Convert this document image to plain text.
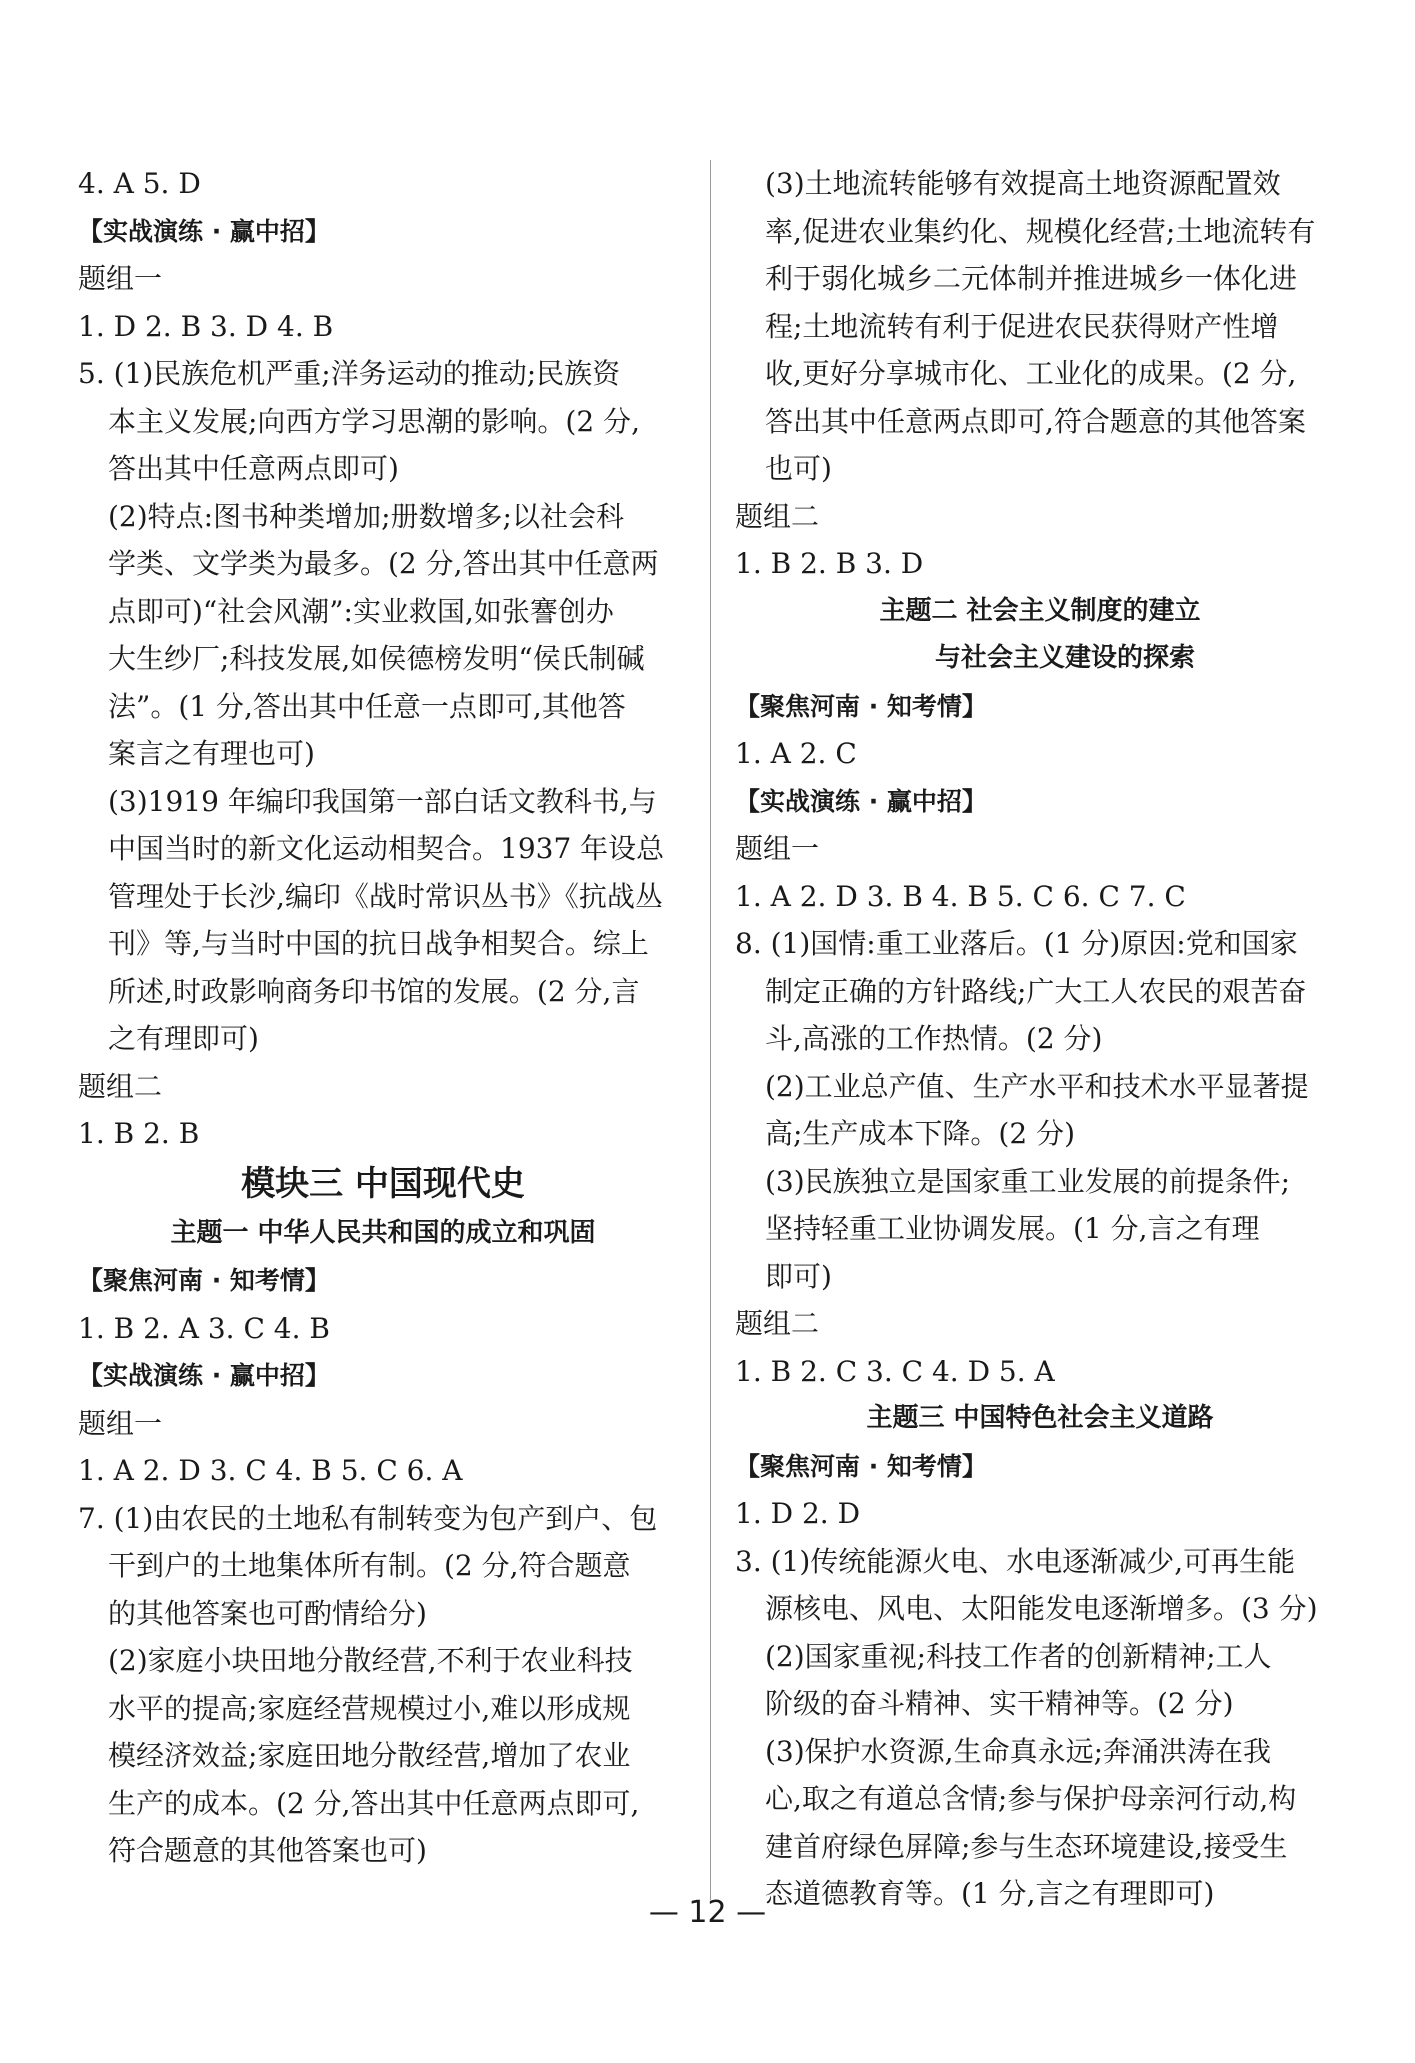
4. A 5. D
【实战演练 · 赢中招】
题组一
1. D 2. B 3. D 4. B
5. (1)民族危机严重;洋务运动的推动;民族资
本主义发展;向西方学习思潮的影响。(2 分,
答出其中任意两点即可)
(2)特点:图书种类增加;册数增多;以社会科
学类、文学类为最多。(2 分,答出其中任意两
点即可)“社会风潮”:实业救国,如张謇创办
大生纱厂;科技发展,如侯德榜发明“侯氏制碱
法”。(1 分,答出其中任意一点即可,其他答
案言之有理也可)
(3)1919 年编印我国第一部白话文教科书,与
中国当时的新文化运动相契合。1937 年设总
管理处于长沙,编印《战时常识丛书》《抗战丛
刊》等,与当时中国的抗日战争相契合。综上
所述,时政影响商务印书馆的发展。(2 分,言
之有理即可)
题组二
1. B 2. B
模块三 中国现代史
主题一 中华人民共和国的成立和巩固
【聚焦河南 · 知考情】
1. B 2. A 3. C 4. B
【实战演练 · 赢中招】
题组一
1. A 2. D 3. C 4. B 5. C 6. A
7. (1)由农民的土地私有制转变为包产到户、包
干到户的土地集体所有制。(2 分,符合题意
的其他答案也可酌情给分)
(2)家庭小块田地分散经营,不利于农业科技
水平的提高;家庭经营规模过小,难以形成规
模经济效益;家庭田地分散经营,增加了农业
生产的成本。(2 分,答出其中任意两点即可,
符合题意的其他答案也可)
(3)土地流转能够有效提高土地资源配置效
率,促进农业集约化、规模化经营;土地流转有
利于弱化城乡二元体制并推进城乡一体化进
程;土地流转有利于促进农民获得财产性增
收,更好分享城市化、工业化的成果。(2 分,
答出其中任意两点即可,符合题意的其他答案
也可)
题组二
1. B 2. B 3. D
主题二 社会主义制度的建立
与社会主义建设的探索
【聚焦河南 · 知考情】
1. A 2. C
【实战演练 · 赢中招】
题组一
1. A 2. D 3. B 4. B 5. C 6. C 7. C
8. (1)国情:重工业落后。(1 分)原因:党和国家
制定正确的方针路线;广大工人农民的艰苦奋
斗,高涨的工作热情。(2 分)
(2)工业总产值、生产水平和技术水平显著提
高;生产成本下降。(2 分)
(3)民族独立是国家重工业发展的前提条件;
坚持轻重工业协调发展。(1 分,言之有理
即可)
题组二
1. B 2. C 3. C 4. D 5. A
主题三 中国特色社会主义道路
【聚焦河南 · 知考情】
1. D 2. D
3. (1)传统能源火电、水电逐渐减少,可再生能
源核电、风电、太阳能发电逐渐增多。(3 分)
(2)国家重视;科技工作者的创新精神;工人
阶级的奋斗精神、实干精神等。(2 分)
(3)保护水资源,生命真永远;奔涌洪涛在我
心,取之有道总含情;参与保护母亲河行动,构
建首府绿色屏障;参与生态环境建设,接受生
态道德教育等。(1 分,言之有理即可)
— 12 —
